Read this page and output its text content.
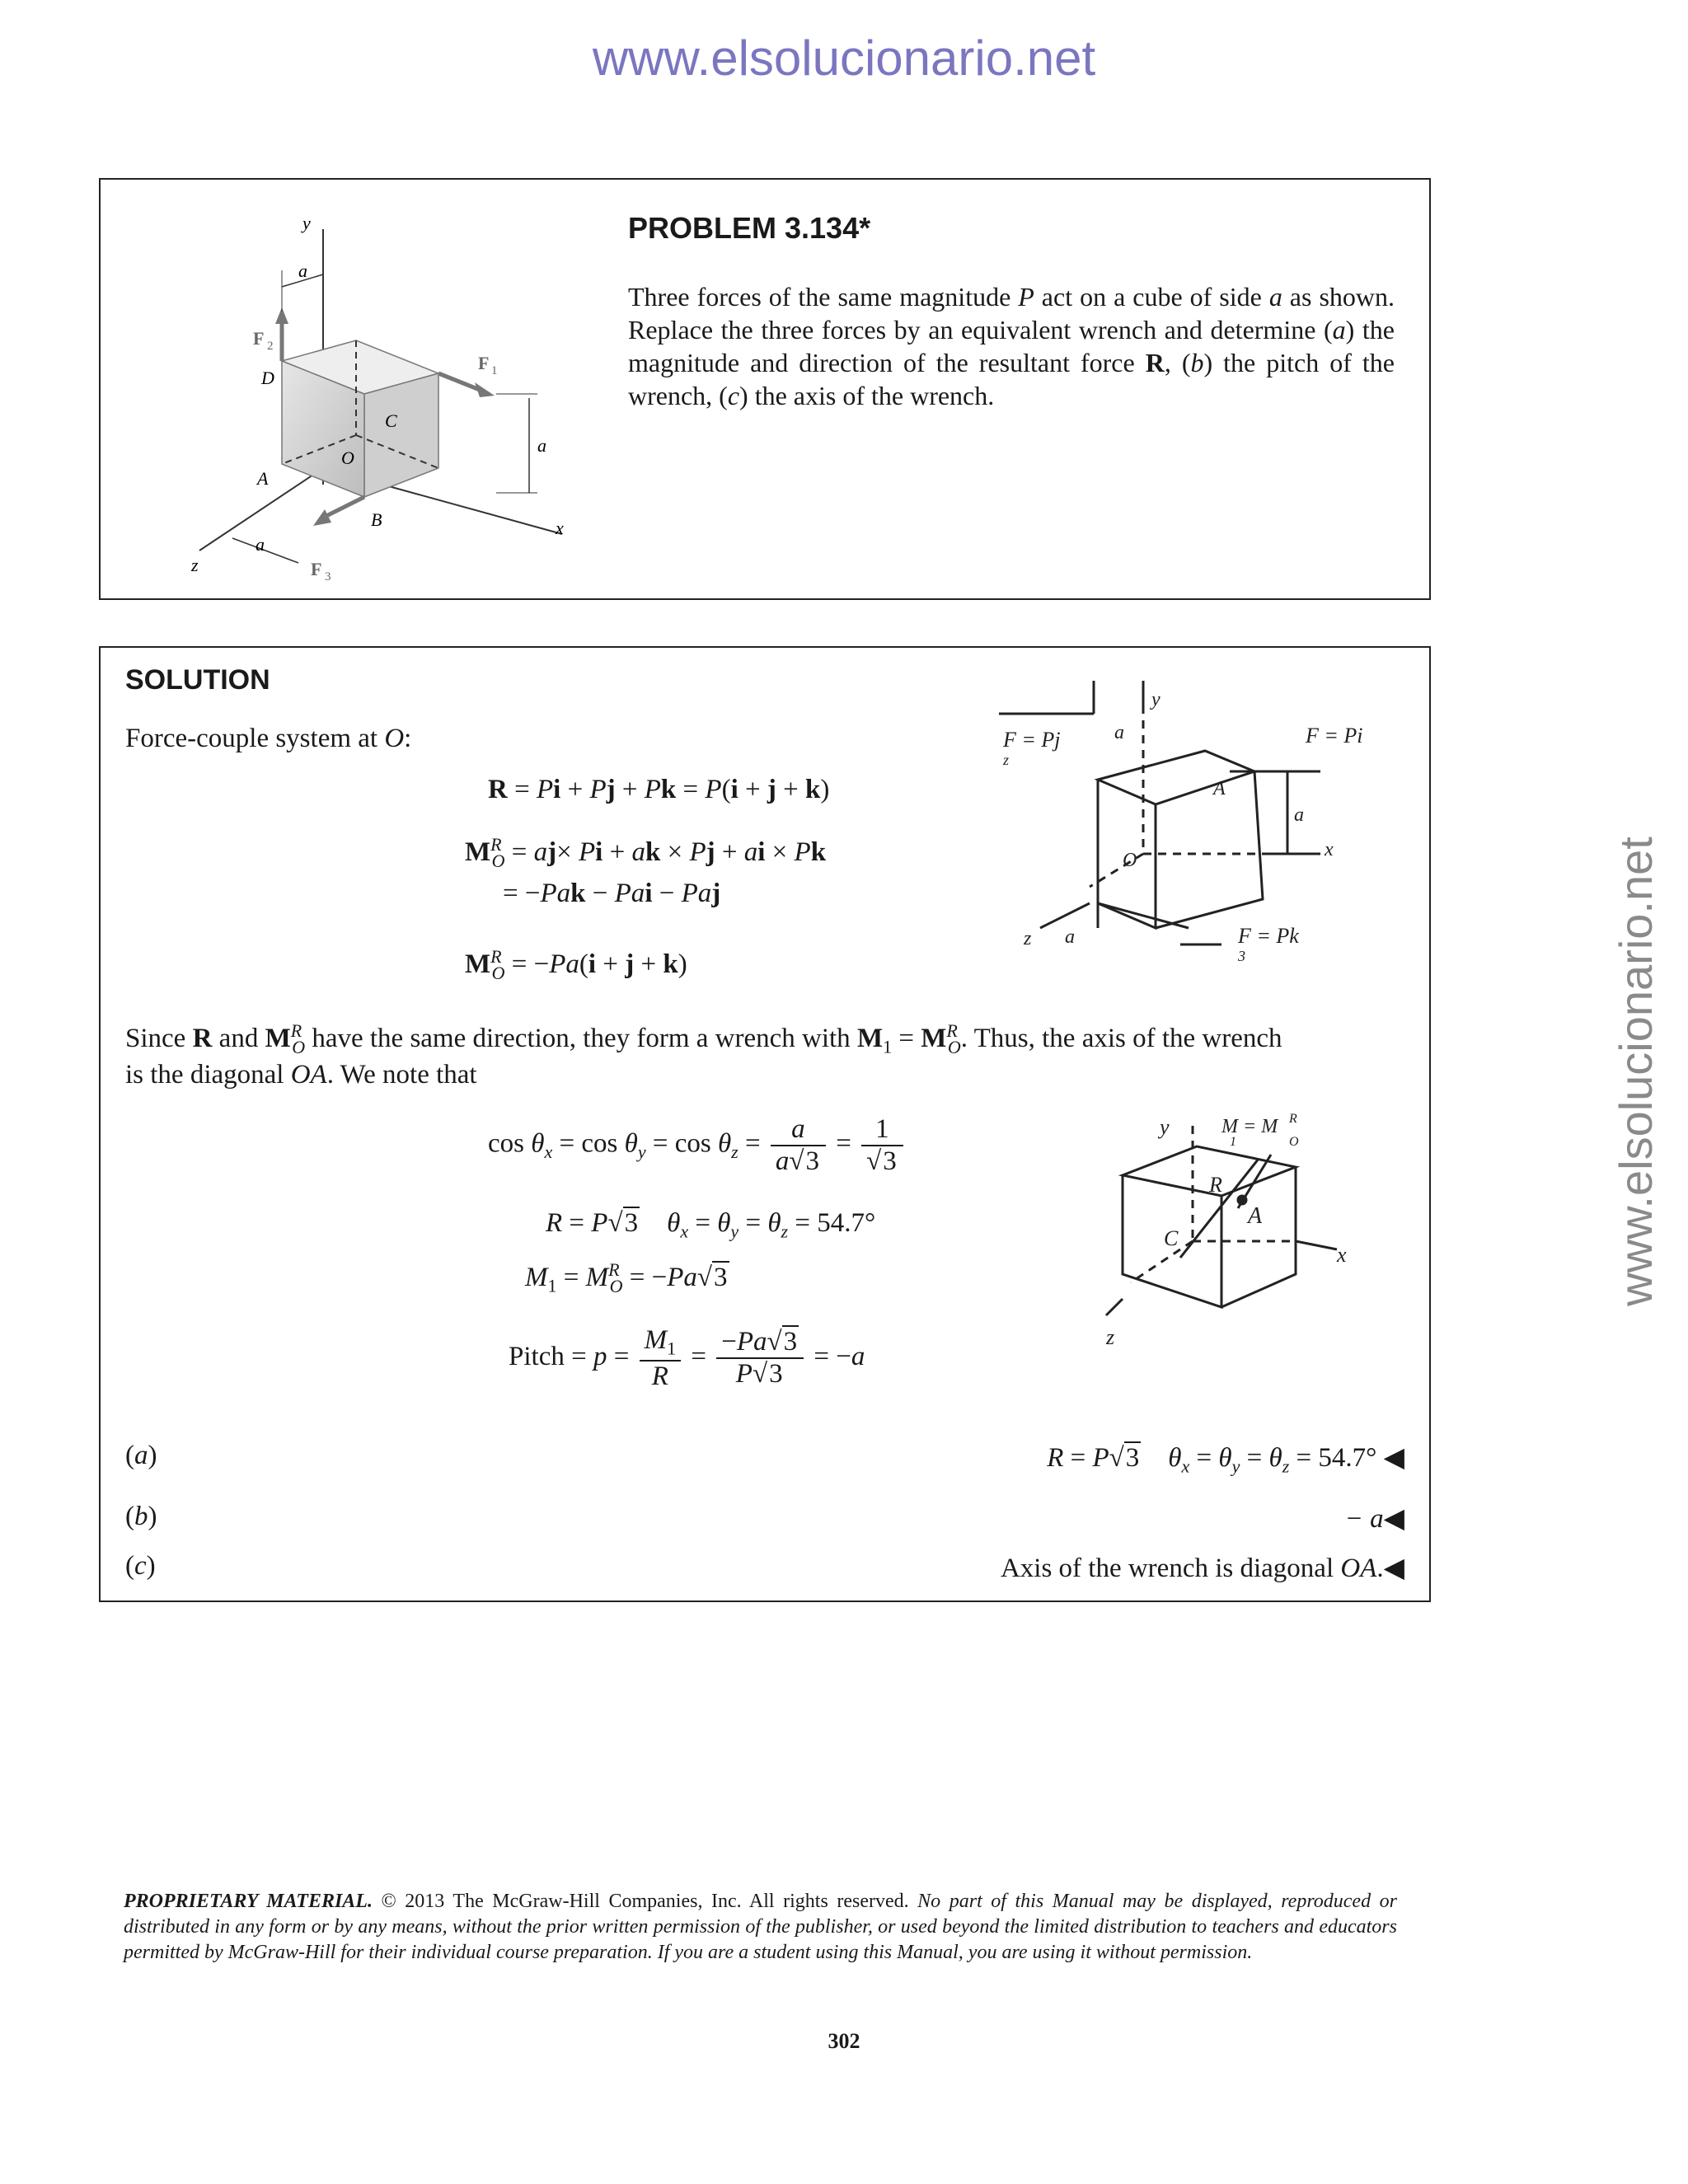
www.elsolucionario.net
www.elsolucionario.net
y
a
F 2
F 1
D
C
O
A
a
B	x
a
z	F 3
PROBLEM 3.134*
Three forces of the same magnitude P act on a cube of side a as shown. Replace the three forces by an equivalent wrench and determine (a) the magnitude and direction of the resultant force R, (b) the pitch of the wrench, (c) the axis of the wrench.
SOLUTION
Force-couple system at O:
R = Pi + Pj + Pk = P(i + j + k)
$M^R_O = aj\times Pi$ + ak × Pj + ai × Pk
= −Pak − Pai − Paj
$M^R_O = -Pa(i + j + k)$
F = Pj
z
a
y
F = Pi
A
a
x
O
z a	F = Pk
3
Since R and $M^R_O$ have the same direction, they form a wrench with $M_1 = M^R_O$. Thus, the axis of the wrench
is the diagonal OA. We note that
$\cos \theta_x = \cos \theta_y = \cos \theta_z = \frac{a}{a√3} = \frac{1}{√3}$
R = P√3 $\theta_x = \theta_y = \theta_z = 54.7^\circ$
$M_1 = M^R_O = -Pa√3$
Pitch = $p = \frac{M_1}{R} = \frac{-Pa√3}{P√3} = -a$
y	M = M
1
R
O
R
A
C
x
z
(a)	R = P√3 $\theta_x = \theta_y = \theta_z = 54.7^\circ$ ◀
(b)	− a◀
(c)	Axis of the wrench is diagonal OA.◀
PROPRIETARY MATERIAL. © 2013 The McGraw-Hill Companies, Inc. All rights reserved. No part of this Manual may be displayed, reproduced or distributed in any form or by any means, without the prior written permission of the publisher, or used beyond the limited distribution to teachers and educators permitted by McGraw-Hill for their individual course preparation. If you are a student using this Manual, you are using it without permission.
302
